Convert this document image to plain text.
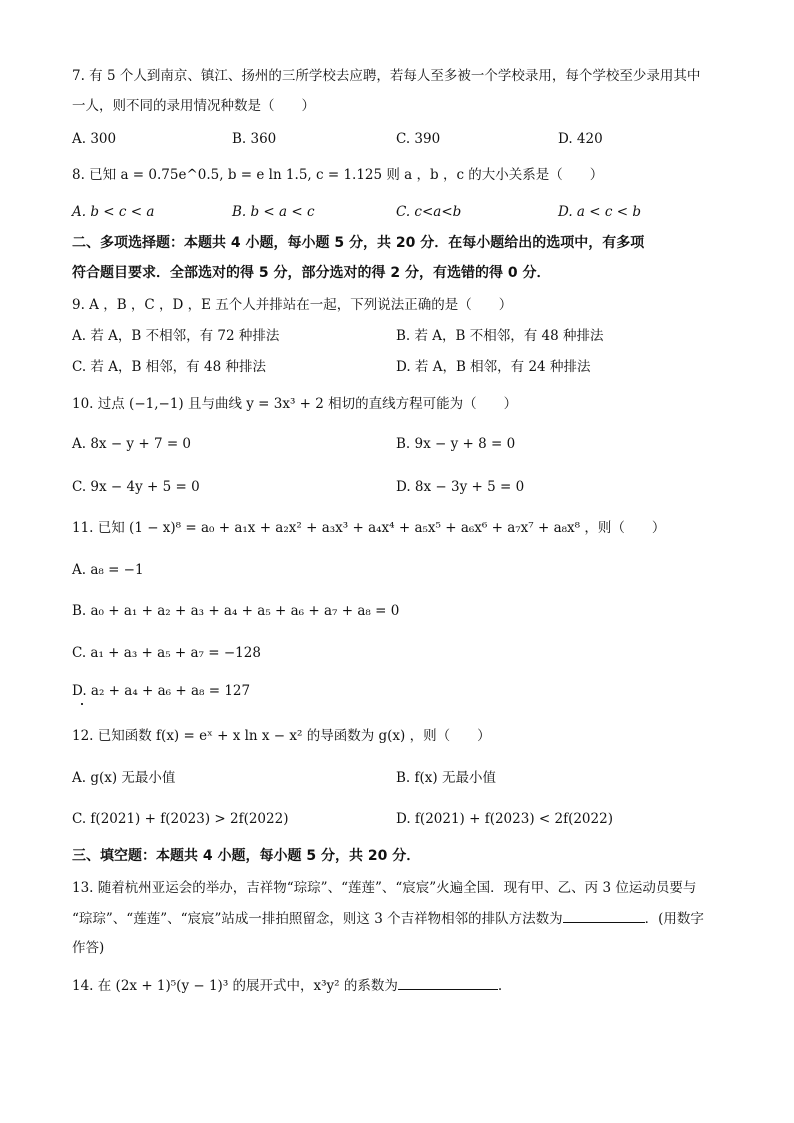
7. 有 5 个人到南京、镇江、扬州的三所学校去应聘，若每人至多被一个学校录用，每个学校至少录用其中
一人，则不同的录用情况种数是（　　）
A. 300	B. 360	C. 390	D. 420
8. 已知 a = 0.75e^0.5, b = e ln 1.5, c = 1.125 则 a ，b ，c 的大小关系是（　　）
A. b < c < a	B. b < a < c	C. c<a<b	D. a < c < b
二、多项选择题：本题共 4 小题，每小题 5 分，共 20 分．在每小题给出的选项中，有多项
符合题目要求．全部选对的得 5 分，部分选对的得 2 分，有选错的得 0 分．
9. A ，B ，C ，D ，E 五个人并排站在一起，下列说法正确的是（　　）
A. 若 A，B 不相邻，有 72 种排法	B. 若 A，B 不相邻，有 48 种排法
C. 若 A，B 相邻，有 48 种排法	D. 若 A，B 相邻，有 24 种排法
10. 过点 (−1,−1) 且与曲线 y = 3x³ + 2 相切的直线方程可能为（　　）
A. 8x − y + 7 = 0	B. 9x − y + 8 = 0
C. 9x − 4y + 5 = 0	D. 8x − 3y + 5 = 0
11. 已知 (1 − x)⁸ = a₀ + a₁x + a₂x² + a₃x³ + a₄x⁴ + a₅x⁵ + a₆x⁶ + a₇x⁷ + a₈x⁸ ，则（　　）
A. a₈ = −1
B. a₀ + a₁ + a₂ + a₃ + a₄ + a₅ + a₆ + a₇ + a₈ = 0
C. a₁ + a₃ + a₅ + a₇ = −128
D. a₂ + a₄ + a₆ + a₈ = 127
12. 已知函数 f(x) = eˣ + x ln x − x² 的导函数为 g(x) ，则（　　）
A. g(x) 无最小值	B. f(x) 无最小值
C. f(2021) + f(2023) > 2f(2022)	D. f(2021) + f(2023) < 2f(2022)
三、填空题：本题共 4 小题，每小题 5 分，共 20 分．
13. 随着杭州亚运会的举办，吉祥物“琮琮”、“莲莲”、“宸宸”火遍全国．现有甲、乙、丙 3 位运动员要与
“琮琮”、“莲莲”、“宸宸”站成一排拍照留念，则这 3 个吉祥物相邻的排队方法数为	．(用数字
作答)
14. 在 (2x + 1)⁵(y − 1)³ 的展开式中，x³y² 的系数为	.
